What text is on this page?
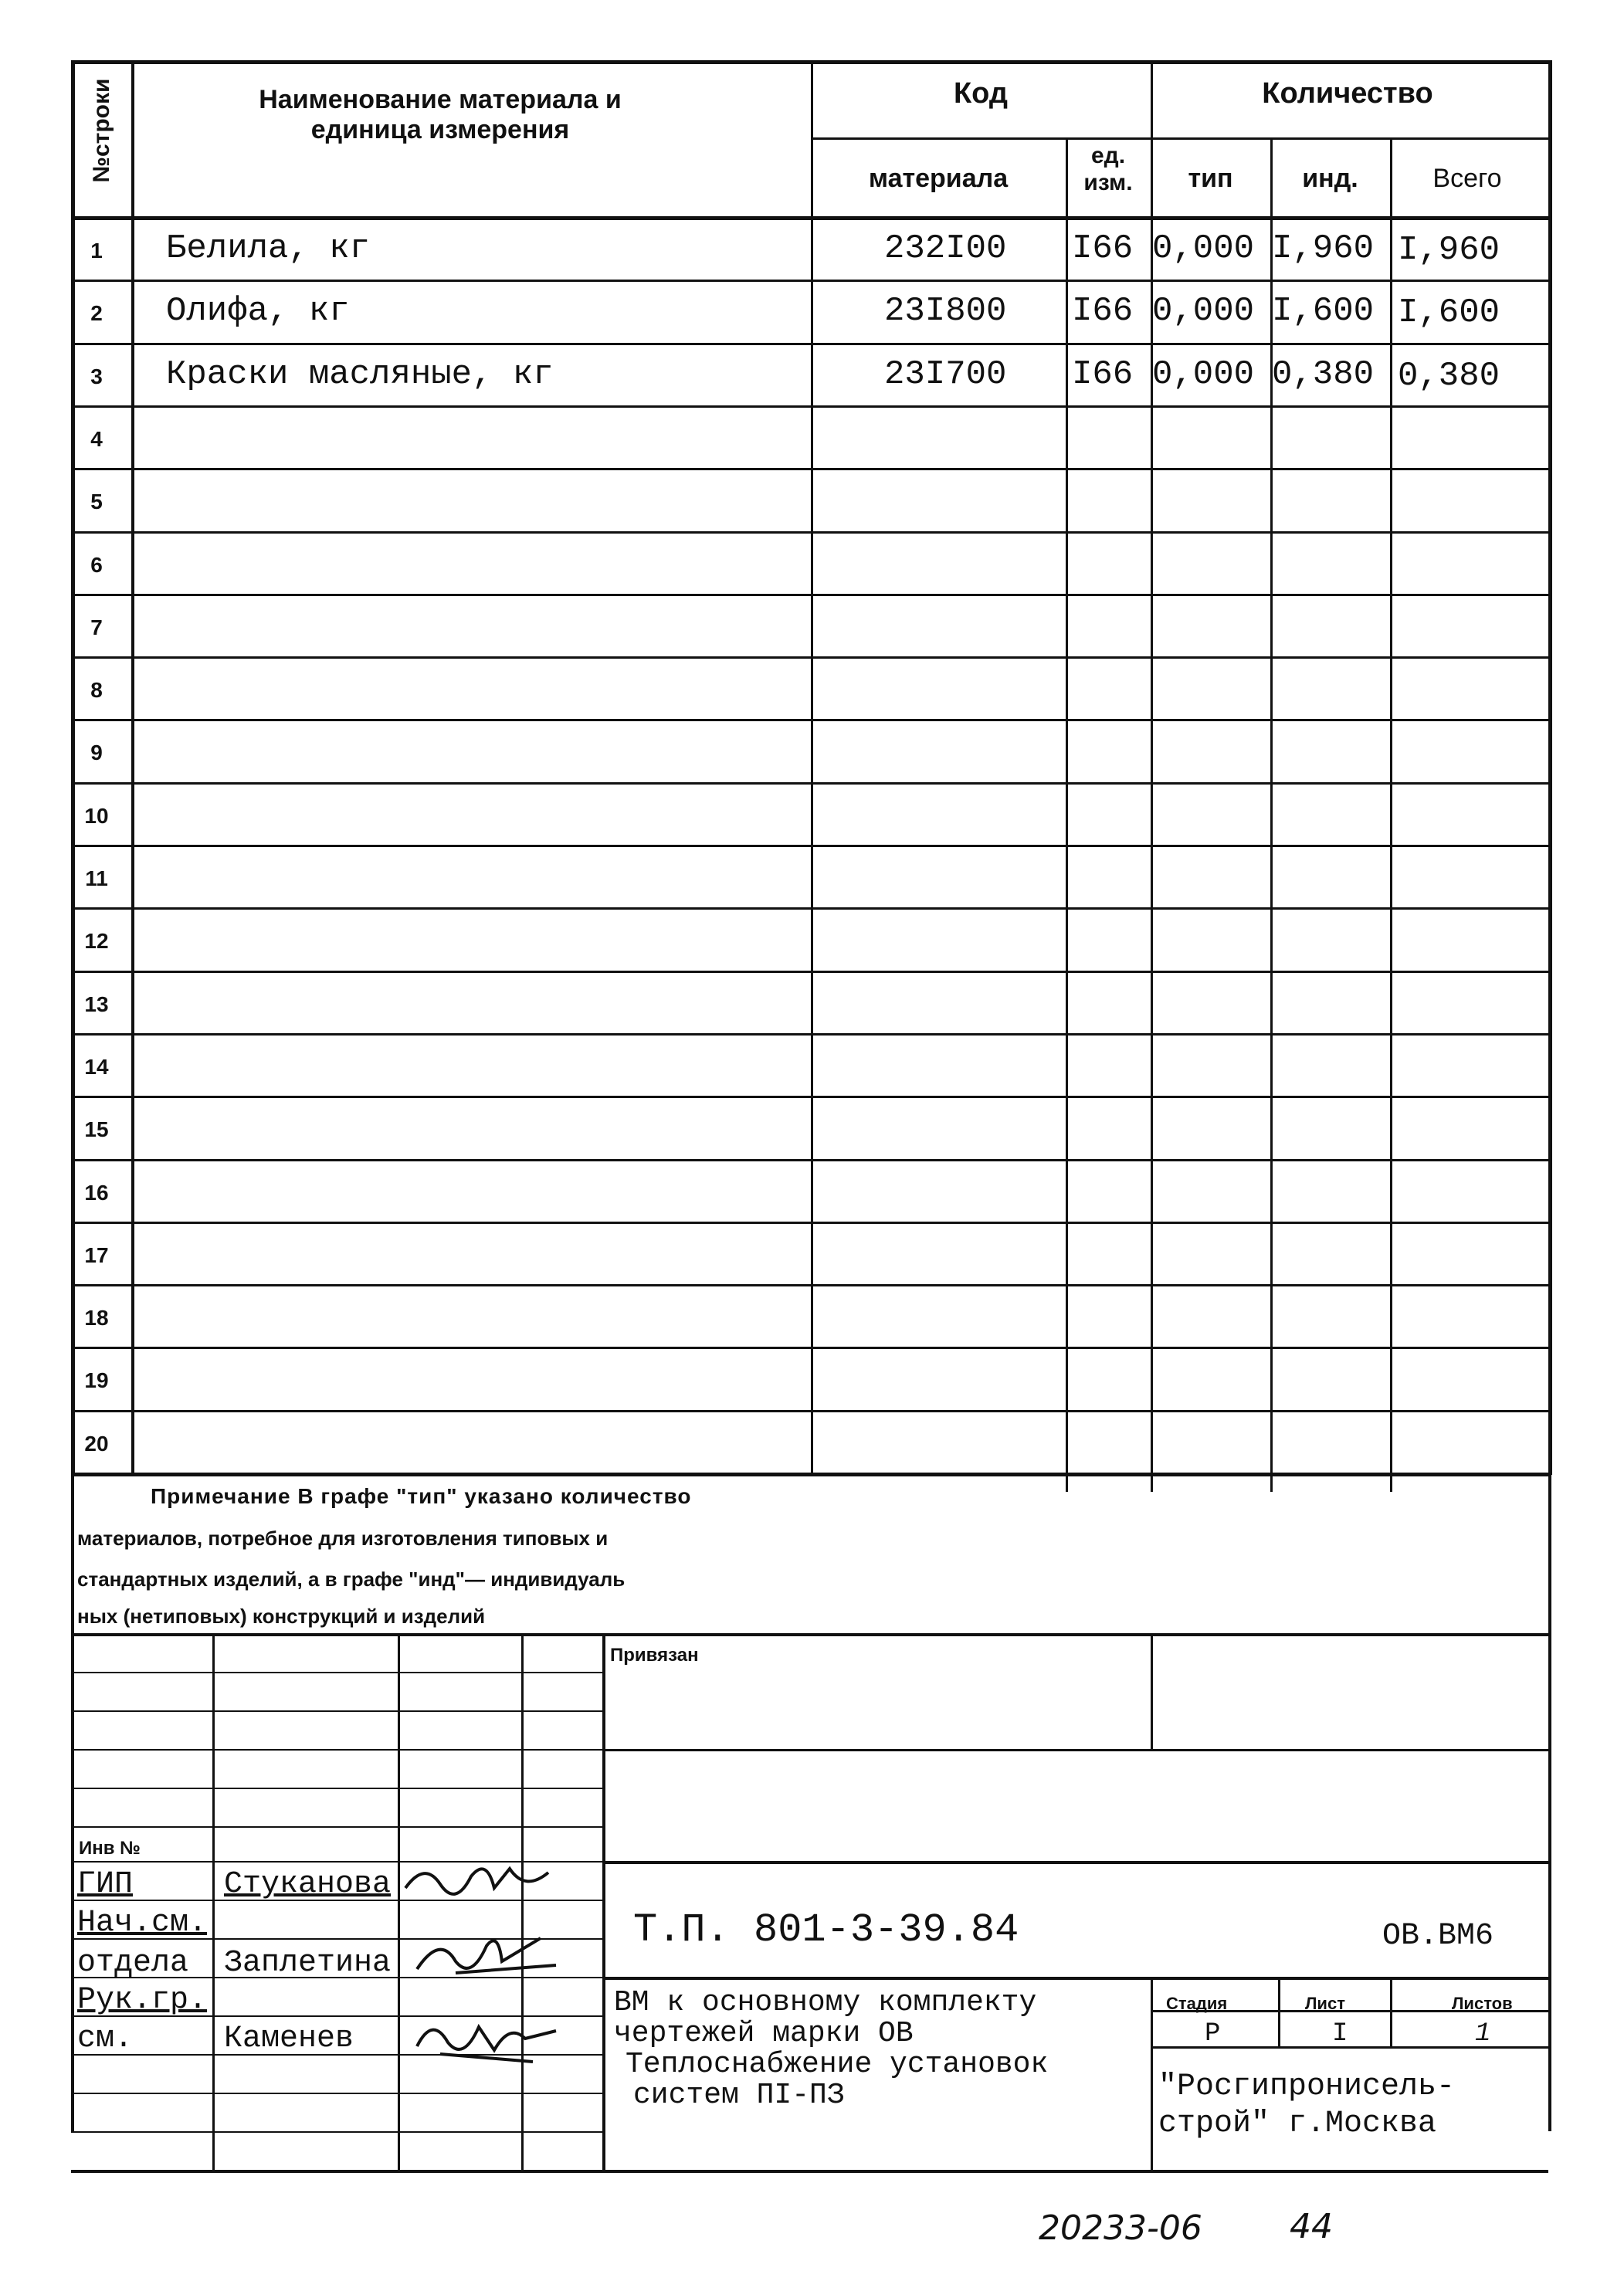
№строки	Наименование материала и единица измерения
Код	Количество
материала
ед. изм.	тип	инд.	Всего
1	Белила, кг	232I00 I66 0,000 I,960 I,960
2	Олифа, кг	23I800 I66 0,000 I,600 I,600
3	Краски масляные, кг	23I700 I66 0,000 0,380 0,380
4
5
6
7
8
9
10
11
12
13
14
15
16
17
18
19
20
Примечание В графе "тип" указано количество
материалов, потребное для изготовления типовых и
стандартных изделий, а в графе "инд"— индивидуаль
ных (нетиповых) конструкций и изделий
Привязан
Инв №
ГИП	Стуканова
Нач.см.
отдела Заплетина
Рук.гр.
см.	Каменев
Т.П. 801-3-39.84	ОВ.ВМ6
ВМ к основному комплекту
чертежей марки ОВ
Теплоснабжение установок
систем ПI-ПЗ
Стадия	Лист	Листов
Р	I	1
"Росгипронисель-
строй" г.Москва
20233-06	44
